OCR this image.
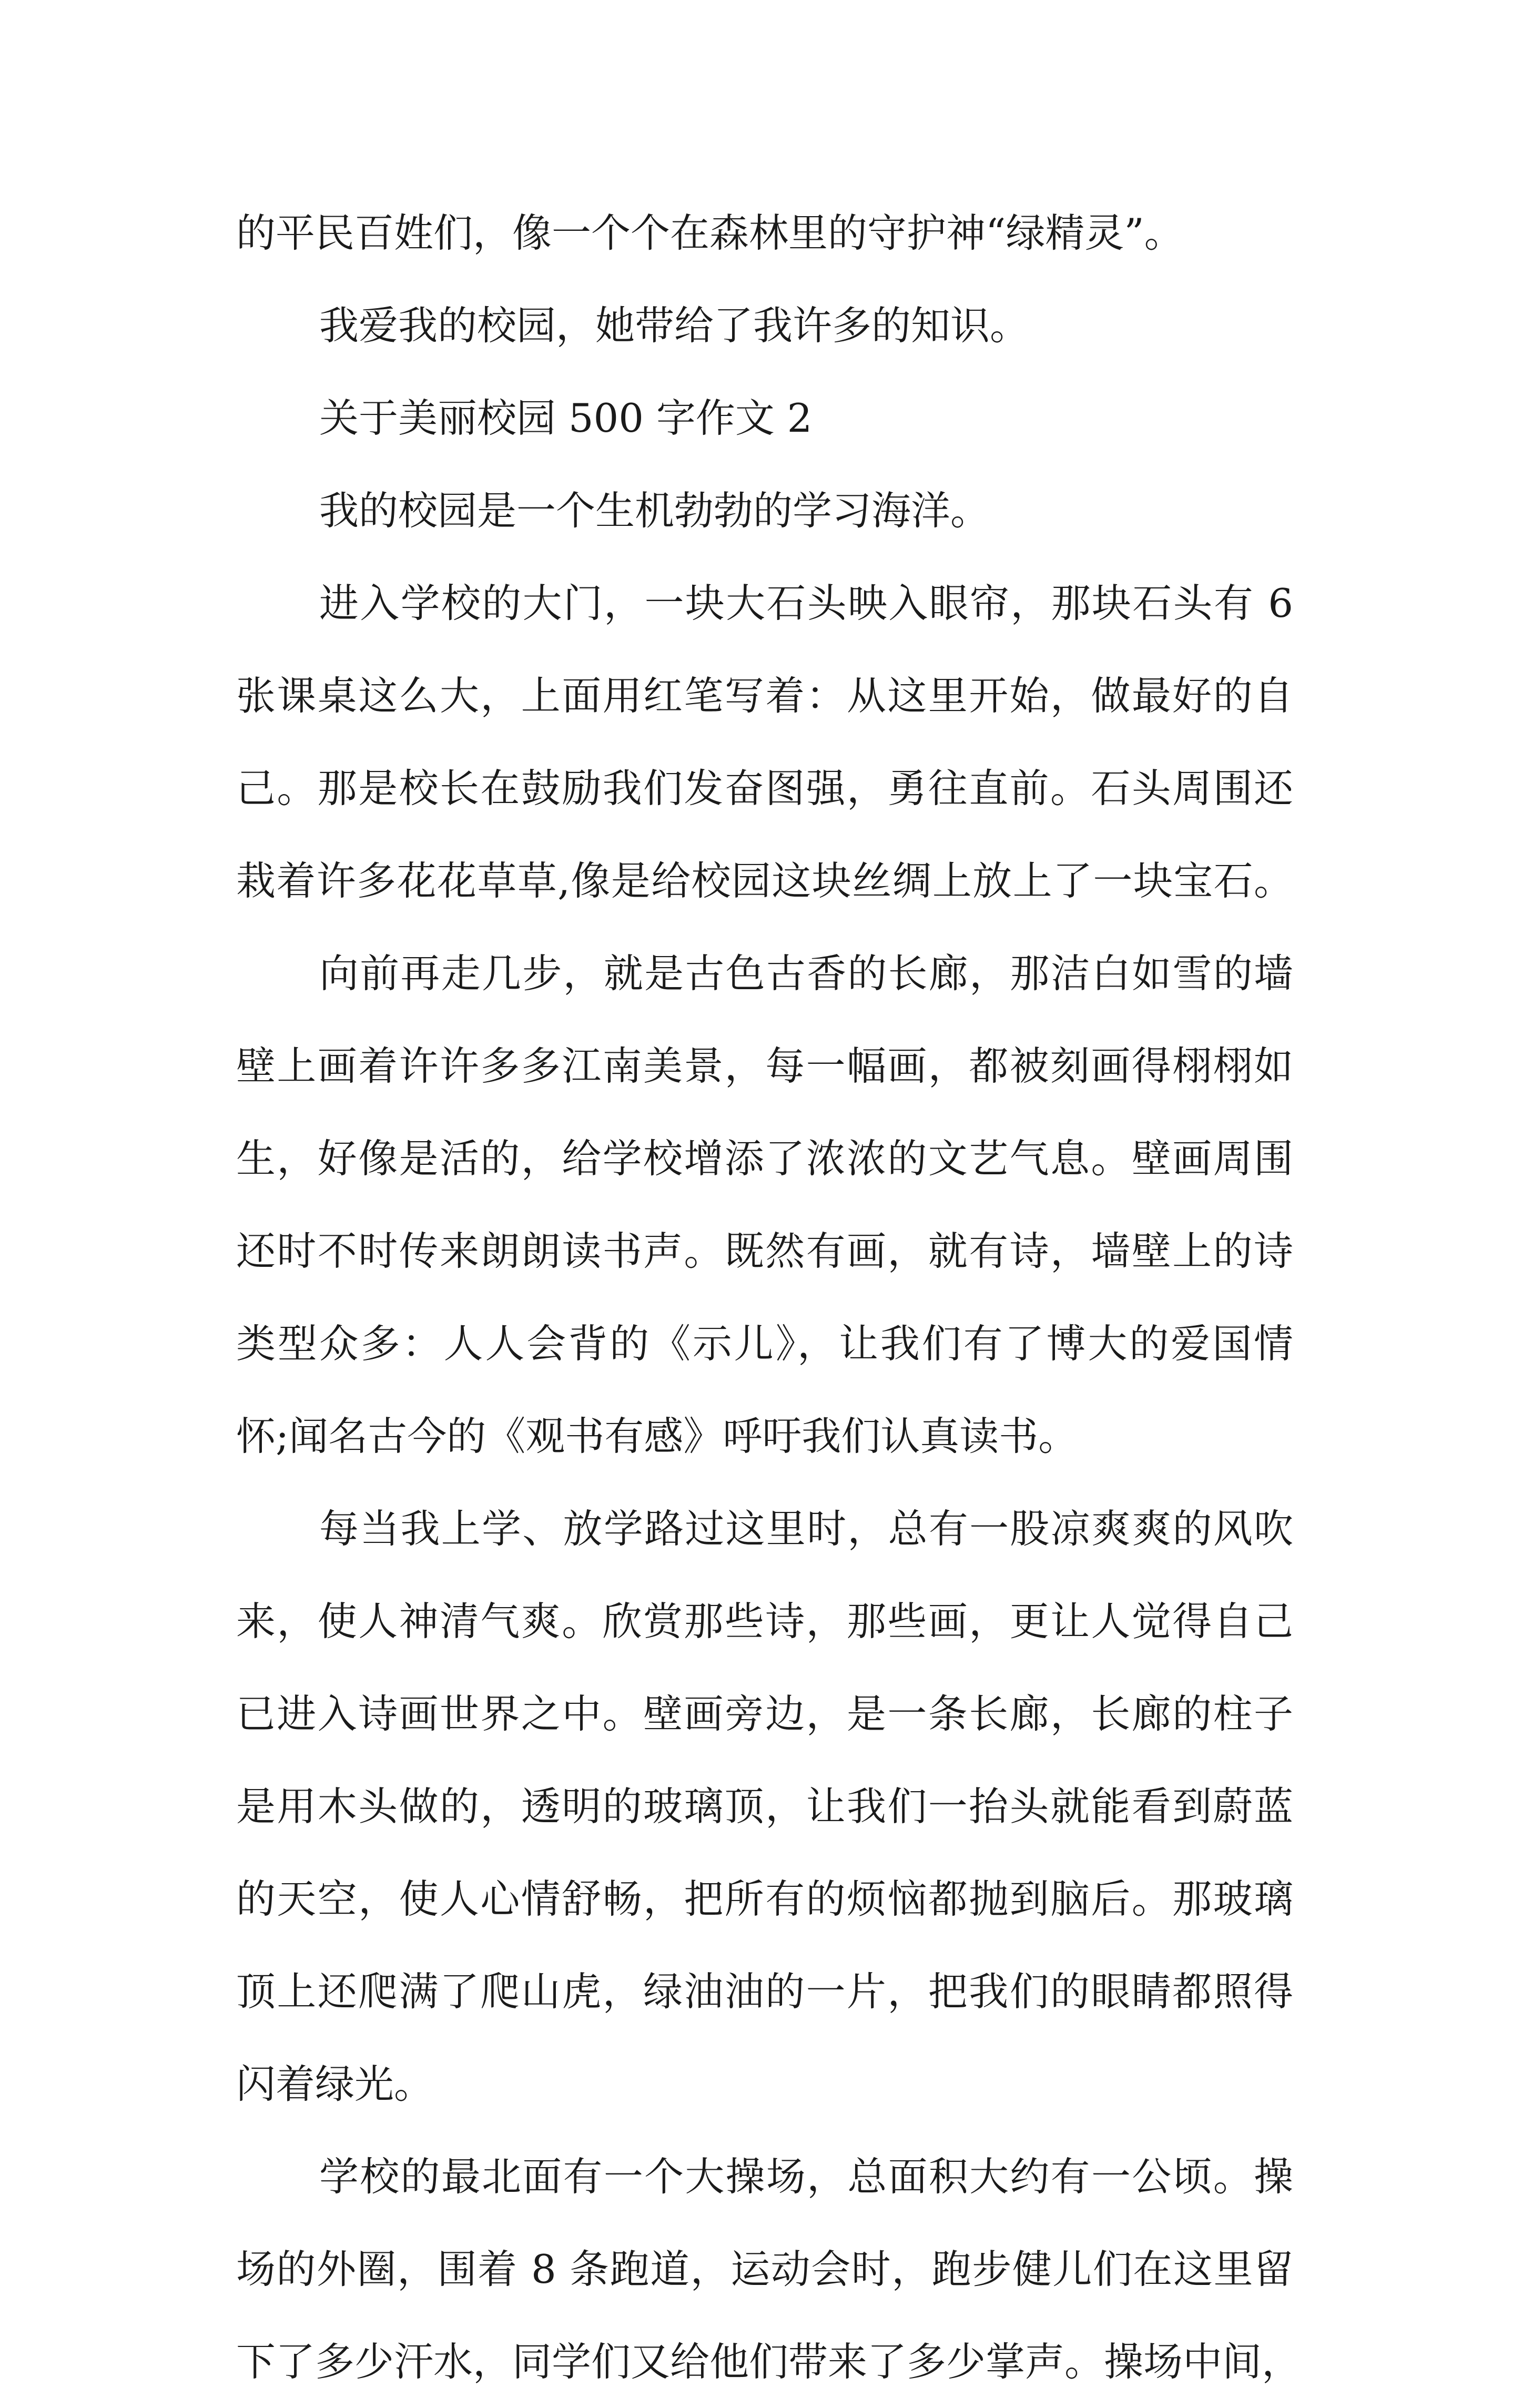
的平民百姓们，像一个个在森林里的守护神“绿精灵”。
我爱我的校园，她带给了我许多的知识。
关于美丽校园 500 字作文 2
我的校园是一个生机勃勃的学习海洋。
进入学校的大门，一块大石头映入眼帘，那块石头有 6
张课桌这么大，上面用红笔写着：从这里开始，做最好的自
己。那是校长在鼓励我们发奋图强，勇往直前。石头周围还
栽着许多花花草草,像是给校园这块丝绸上放上了一块宝石。
向前再走几步，就是古色古香的长廊，那洁白如雪的墙
壁上画着许许多多江南美景，每一幅画，都被刻画得栩栩如
生，好像是活的，给学校增添了浓浓的文艺气息。壁画周围
还时不时传来朗朗读书声。既然有画，就有诗，墙壁上的诗
类型众多：人人会背的《示儿》，让我们有了博大的爱国情
怀;闻名古今的《观书有感》呼吁我们认真读书。
每当我上学、放学路过这里时，总有一股凉爽爽的风吹
来，使人神清气爽。欣赏那些诗，那些画，更让人觉得自己
已进入诗画世界之中。壁画旁边，是一条长廊，长廊的柱子
是用木头做的，透明的玻璃顶，让我们一抬头就能看到蔚蓝
的天空，使人心情舒畅，把所有的烦恼都抛到脑后。那玻璃
顶上还爬满了爬山虎，绿油油的一片，把我们的眼睛都照得
闪着绿光。
学校的最北面有一个大操场，总面积大约有一公顷。操
场的外圈，围着 8 条跑道，运动会时，跑步健儿们在这里留
下了多少汗水，同学们又给他们带来了多少掌声。操场中间，
